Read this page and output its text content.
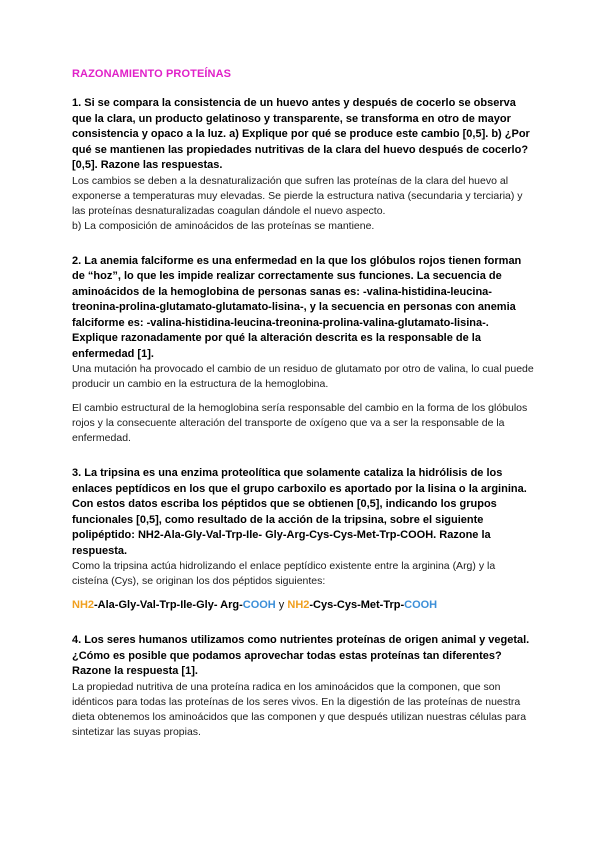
RAZONAMIENTO PROTEÍNAS

1. Si se compara la consistencia de un huevo antes y después de cocerlo se observa que la clara, un producto gelatinoso y transparente, se transforma en otro de mayor consistencia y opaco a la luz. a) Explique por qué se produce este cambio [0,5]. b) ¿Por qué se mantienen las propiedades nutritivas de la clara del huevo después de cocerlo? [0,5]. Razone las respuestas.

Los cambios se deben a la desnaturalización que sufren las proteínas de la clara del huevo al exponerse a temperaturas muy elevadas. Se pierde la estructura nativa (secundaria y terciaria) y las proteínas desnaturalizadas coagulan dándole el nuevo aspecto.

b) La composición de aminoácidos de las proteínas se mantiene.

2. La anemia falciforme es una enfermedad en la que los glóbulos rojos tienen forman de “hoz”, lo que les impide realizar correctamente sus funciones. La secuencia de aminoácidos de la hemoglobina de personas sanas es: -valina-histidina-leucina-treonina-prolina-glutamato-glutamato-lisina-, y la secuencia en personas con anemia falciforme es: -valina-histidina-leucina-treonina-prolina-valina-glutamato-lisina-. Explique razonadamente por qué la alteración descrita es la responsable de la enfermedad [1].

Una mutación ha provocado el cambio de un residuo de glutamato por otro de valina, lo cual puede producir un cambio en la estructura de la hemoglobina.

El cambio estructural de la hemoglobina sería responsable del cambio en la forma de los glóbulos rojos y la consecuente alteración del transporte de oxígeno que va a ser la responsable de la enfermedad.

3. La tripsina es una enzima proteolítica que solamente cataliza la hidrólisis de los enlaces peptídicos en los que el grupo carboxilo es aportado por la lisina o la arginina. Con estos datos escriba los péptidos que se obtienen [0,5], indicando los grupos funcionales [0,5], como resultado de la acción de la tripsina, sobre el siguiente polipéptido: NH2-Ala-Gly-Val-Trp-Ile- Gly-Arg-Cys-Cys-Met-Trp-COOH. Razone la respuesta.

Como la tripsina actúa hidrolizando el enlace peptídico existente entre la arginina (Arg) y la cisteína (Cys), se originan los dos péptidos siguientes:

NH2-Ala-Gly-Val-Trp-Ile-Gly- Arg-COOH y NH2-Cys-Cys-Met-Trp-COOH

4. Los seres humanos utilizamos como nutrientes proteínas de origen animal y vegetal. ¿Cómo es posible que podamos aprovechar todas estas proteínas tan diferentes? Razone la respuesta [1].

La propiedad nutritiva de una proteína radica en los aminoácidos que la componen, que son idénticos para todas las proteínas de los seres vivos. En la digestión de las proteínas de nuestra dieta obtenemos los aminoácidos que las componen y que después utilizan nuestras células para sintetizar las suyas propias.
